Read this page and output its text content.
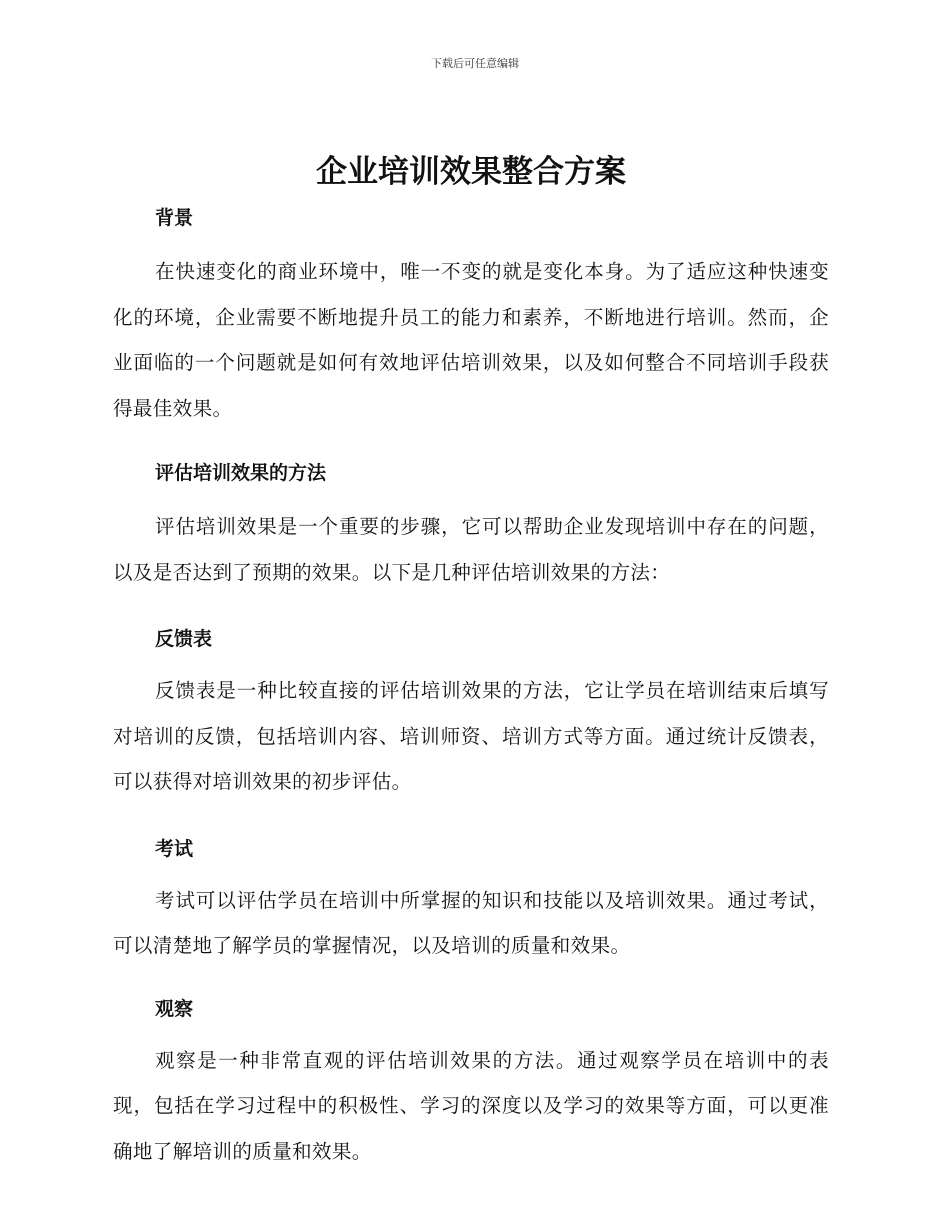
下载后可任意编辑
企业培训效果整合方案
背景

在快速变化的商业环境中，唯一不变的就是变化本身。为了适应这种快速变化的环境，企业需要不断地提升员工的能力和素养，不断地进行培训。然而，企业面临的一个问题就是如何有效地评估培训效果，以及如何整合不同培训手段获得最佳效果。

评估培训效果的方法

评估培训效果是一个重要的步骤，它可以帮助企业发现培训中存在的问题，以及是否达到了预期的效果。以下是几种评估培训效果的方法：

反馈表

反馈表是一种比较直接的评估培训效果的方法，它让学员在培训结束后填写对培训的反馈，包括培训内容、培训师资、培训方式等方面。通过统计反馈表，可以获得对培训效果的初步评估。

考试

考试可以评估学员在培训中所掌握的知识和技能以及培训效果。通过考试，可以清楚地了解学员的掌握情况，以及培训的质量和效果。

观察

观察是一种非常直观的评估培训效果的方法。通过观察学员在培训中的表现，包括在学习过程中的积极性、学习的深度以及学习的效果等方面，可以更准确地了解培训的质量和效果。
